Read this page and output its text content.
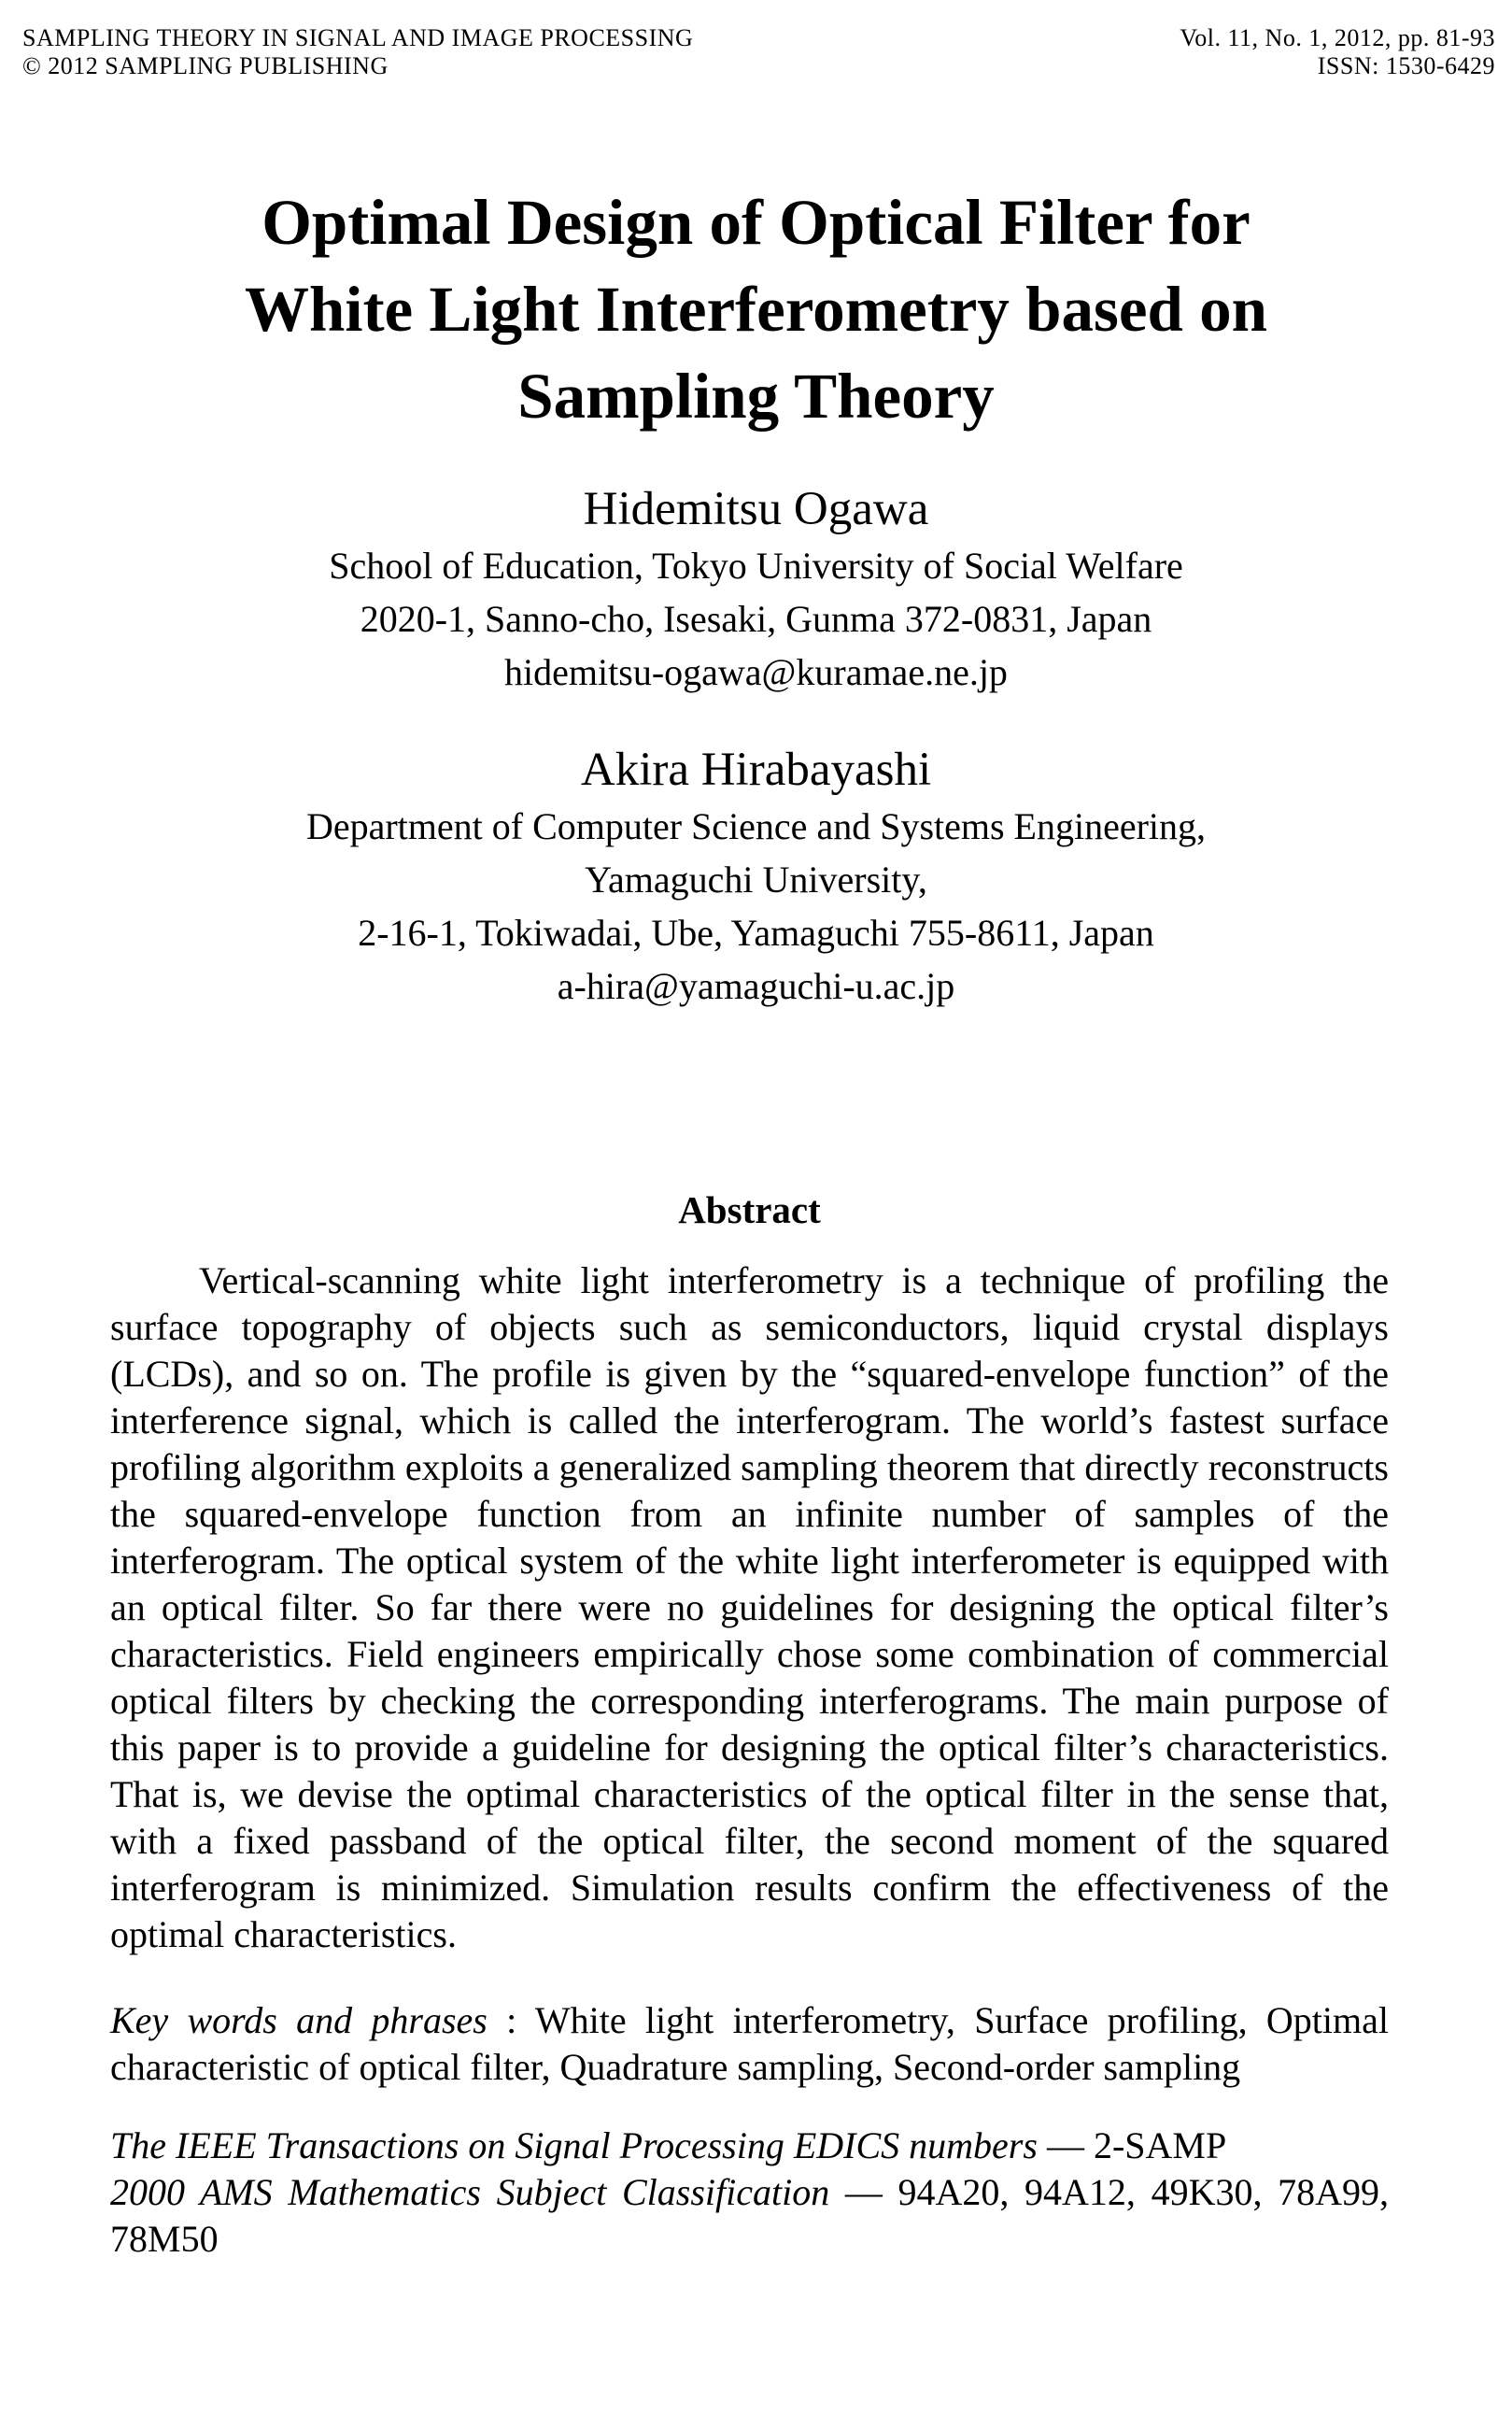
SAMPLING THEORY IN SIGNAL AND IMAGE PROCESSING
© 2012 SAMPLING PUBLISHING
Vol. 11, No. 1, 2012, pp. 81-93
ISSN: 1530-6429
Optimal Design of Optical Filter for
White Light Interferometry based on
Sampling Theory
Hidemitsu Ogawa
School of Education, Tokyo University of Social Welfare
2020-1, Sanno-cho, Isesaki, Gunma 372-0831, Japan
hidemitsu-ogawa@kuramae.ne.jp
Akira Hirabayashi
Department of Computer Science and Systems Engineering,
Yamaguchi University,
2-16-1, Tokiwadai, Ube, Yamaguchi 755-8611, Japan
a-hira@yamaguchi-u.ac.jp
Abstract

Vertical-scanning white light interferometry is a technique of profiling the surface topography of objects such as semiconductors, liquid crystal displays (LCDs), and so on. The profile is given by the “squared-envelope function” of the interference signal, which is called the interferogram. The world’s fastest surface profiling algorithm exploits a generalized sampling theorem that directly reconstructs the squared-envelope function from an infinite number of samples of the interferogram. The optical system of the white light interferometer is equipped with an optical filter. So far there were no guidelines for designing the optical filter’s characteristics. Field engineers empirically chose some combination of commercial optical filters by checking the corresponding interferograms. The main purpose of this paper is to provide a guideline for designing the optical filter’s characteristics. That is, we devise the optimal characteristics of the optical filter in the sense that, with a fixed passband of the optical filter, the second moment of the squared interferogram is minimized. Simulation results confirm the effectiveness of the optimal characteristics.

Key words and phrases : White light interferometry, Surface profiling, Optimal characteristic of optical filter, Quadrature sampling, Second-order sampling

The IEEE Transactions on Signal Processing EDICS numbers — 2-SAMP

2000 AMS Mathematics Subject Classification — 94A20, 94A12, 49K30, 78A99, 78M50
